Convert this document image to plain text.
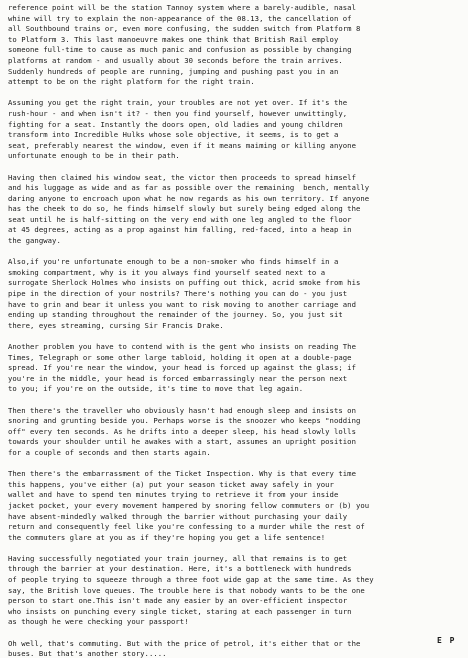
reference point will be the station Tannoy system where a barely-audible, nasal
whine will try to explain the non-appearance of the 08.13, the cancellation of
all Southbound trains or, even more confusing, the sudden switch from Platform 8
to Platform 3. This last manoeuvre makes one think that British Rail employ
someone full-time to cause as much panic and confusion as possible by changing
platforms at random - and usually about 30 seconds before the train arrives.
Suddenly hundreds of people are running, jumping and pushing past you in an
attempt to be on the right platform for the right train.
Assuming you get the right train, your troubles are not yet over. If it's the
rush-hour - and when isn't it? - then you find yourself, however unwittingly,
fighting for a seat. Instantly the doors open, old ladies and young children
transform into Incredible Hulks whose sole objective, it seems, is to get a
seat, preferably nearest the window, even if it means maiming or killing anyone
unfortunate enough to be in their path.
Having then claimed his window seat, the victor then proceeds to spread himself
and his luggage as wide and as far as possible over the remaining  bench, mentally
daring anyone to encroach upon what he now regards as his own territory. If anyone
has the cheek to do so, he finds himself slowly but surely being edged along the
seat until he is half-sitting on the very end with one leg angled to the floor
at 45 degrees, acting as a prop against him falling, red-faced, into a heap in
the gangway.
Also,if you're unfortunate enough to be a non-smoker who finds himself in a
smoking compartment, why is it you always find yourself seated next to a
surrogate Sherlock Holmes who insists on puffing out thick, acrid smoke from his
pipe in the direction of your nostrils? There's nothing you can do - you just
have to grin and bear it unless you want to risk moving to another carriage and
ending up standing throughout the remainder of the journey. So, you just sit
there, eyes streaming, cursing Sir Francis Drake.
Another problem you have to contend with is the gent who insists on reading The
Times, Telegraph or some other large tabloid, holding it open at a double-page
spread. If you're near the window, your head is forced up against the glass; if
you're in the middle, your head is forced embarrassingly near the person next
to you; if you're on the outside, it's time to move that leg again.
Then there's the traveller who obviously hasn't had enough sleep and insists on
snoring and grunting beside you. Perhaps worse is the snoozer who keeps "nodding
off" every ten seconds. As he drifts into a deeper sleep, his head slowly lolls
towards your shoulder until he awakes with a start, assumes an upright position
for a couple of seconds and then starts again.
Then there's the embarrassment of the Ticket Inspection. Why is that every time
this happens, you've either (a) put your season ticket away safely in your
wallet and have to spend ten minutes trying to retrieve it from your inside
jacket pocket, your every movement hampered by snoring fellow commuters or (b) you
have absent-mindedly walked through the barrier without purchasing your daily
return and consequently feel like you're confessing to a murder while the rest of
the commuters glare at you as if they're hoping you get a life sentence!
Having successfully negotiated your train journey, all that remains is to get
through the barrier at your destination. Here, it's a bottleneck with hundreds
of people trying to squeeze through a three foot wide gap at the same time. As they
say, the British love queues. The trouble here is that nobody wants to be the one
person to start one.This isn't made any easier by an over-efficient inspector
who insists on punching every single ticket, staring at each passenger in turn
as though he were checking your passport!
Oh well, that's commuting. But with the price of petrol, it's either that or the
buses. But that's another story.....
E P
